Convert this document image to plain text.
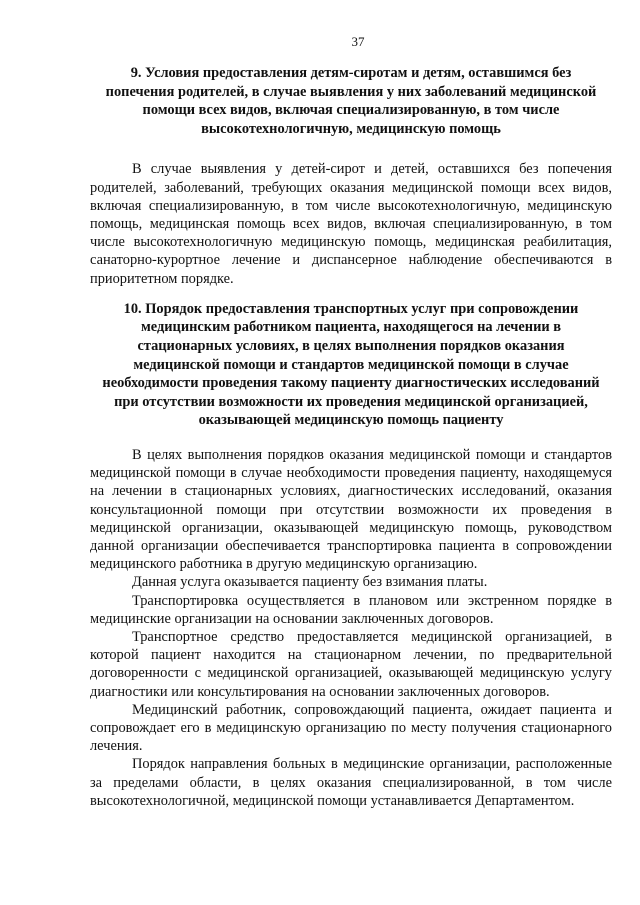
37
9. Условия предоставления детям-сиротам и детям, оставшимся без попечения родителей, в случае выявления у них заболеваний медицинской помощи всех видов, включая специализированную, в том числе высокотехнологичную, медицинскую помощь

В случае выявления у детей-сирот и детей, оставшихся без попечения родителей, заболеваний, требующих оказания медицинской помощи всех видов, включая специализированную, в том числе высокотехнологичную, медицинскую помощь, медицинская помощь всех видов, включая специализированную, в том числе высокотехнологичную медицинскую помощь, медицинская реабилитация, санаторно-курортное лечение и диспансерное наблюдение обеспечиваются в приоритетном порядке.

10. Порядок предоставления транспортных услуг при сопровождении медицинским работником пациента, находящегося на лечении в стационарных условиях, в целях выполнения порядков оказания медицинской помощи и стандартов медицинской помощи в случае необходимости проведения такому пациенту диагностических исследований при отсутствии возможности их проведения медицинской организацией, оказывающей медицинскую помощь пациенту

В целях выполнения порядков оказания медицинской помощи и стандартов медицинской помощи в случае необходимости проведения пациенту, находящемуся на лечении в стационарных условиях, диагностических исследований, оказания консультационной помощи при отсутствии возможности их проведения в медицинской организации, оказывающей медицинскую помощь, руководством данной организации обеспечивается транспортировка пациента в сопровождении медицинского работника в другую медицинскую организацию.

Данная услуга оказывается пациенту без взимания платы.

Транспортировка осуществляется в плановом или экстренном порядке в медицинские организации на основании заключенных договоров.

Транспортное средство предоставляется медицинской организацией, в которой пациент находится на стационарном лечении, по предварительной договоренности с медицинской организацией, оказывающей медицинскую услугу диагностики или консультирования на основании заключенных договоров.

Медицинский работник, сопровождающий пациента, ожидает пациента и сопровождает его в медицинскую организацию по месту получения стационарного лечения.

Порядок направления больных в медицинские организации, расположенные за пределами области, в целях оказания специализированной, в том числе высокотехнологичной, медицинской помощи устанавливается Департаментом.
